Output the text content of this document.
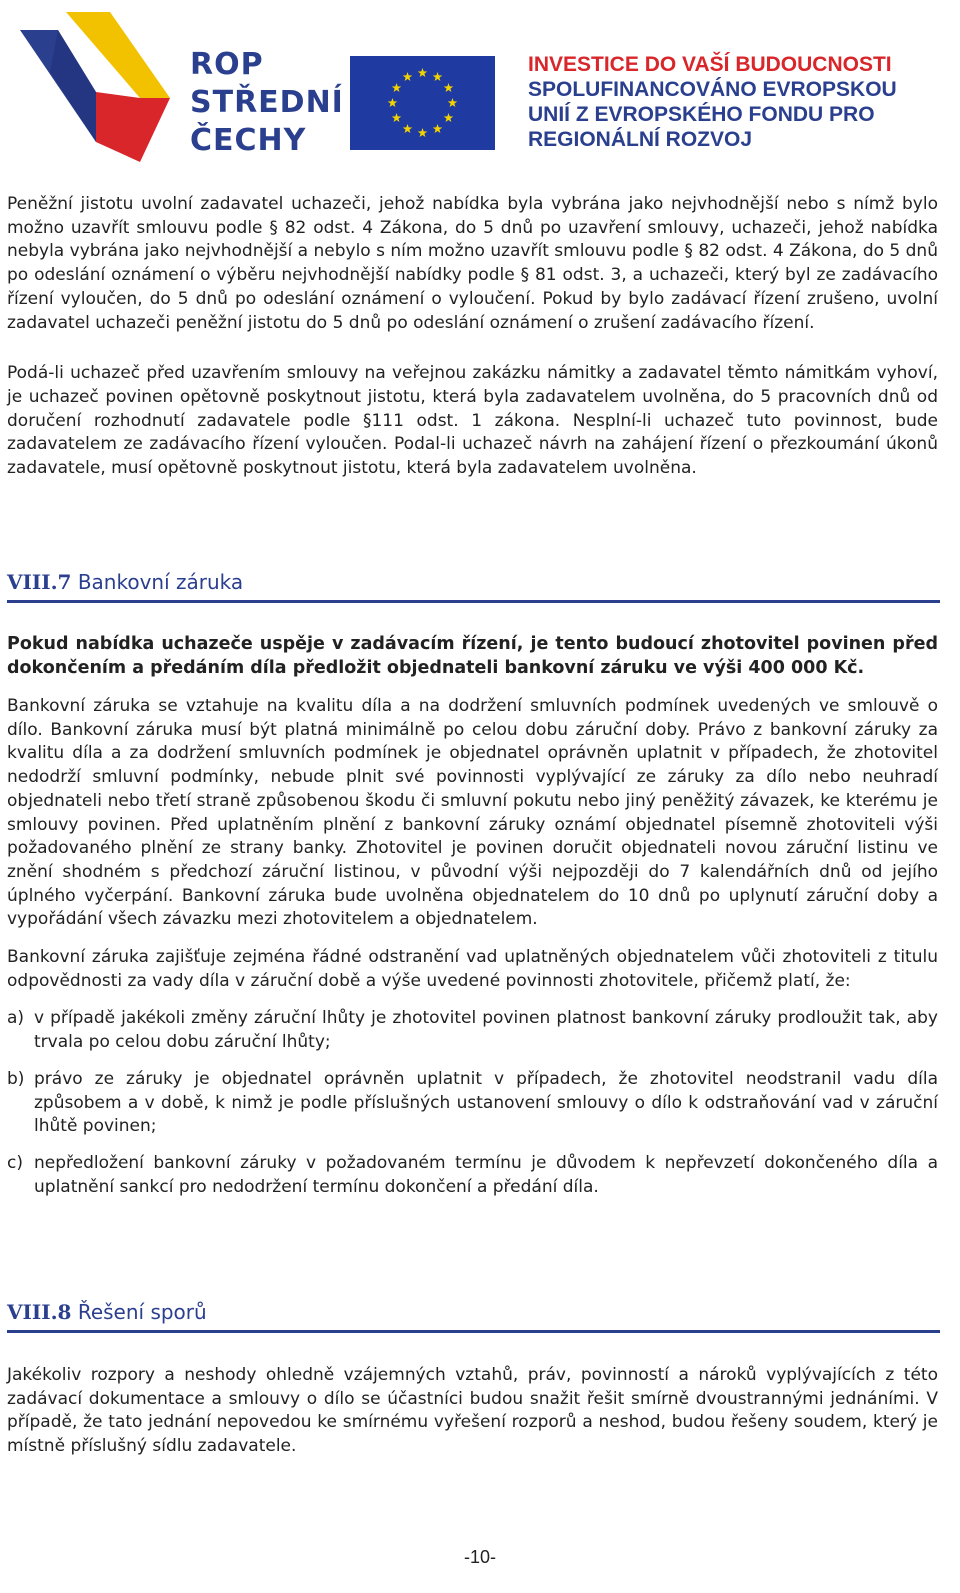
ROP
STŘEDNÍ
ČECHY
INVESTICE DO VAŠÍ BUDOUCNOSTI
SPOLUFINANCOVÁNO EVROPSKOU
UNIÍ Z EVROPSKÉHO FONDU PRO
REGIONÁLNÍ ROZVOJ

Peněžní jistotu uvolní zadavatel uchazeči, jehož nabídka byla vybrána jako nejvhodnější nebo s nímž bylo možno uzavřít smlouvu podle § 82 odst. 4 Zákona, do 5 dnů po uzavření smlouvy, uchazeči, jehož nabídka nebyla vybrána jako nejvhodnější a nebylo s ním možno uzavřít smlouvu podle § 82 odst. 4 Zákona, do 5 dnů po odeslání oznámení o výběru nejvhodnější nabídky podle § 81 odst. 3, a uchazeči, který byl ze zadávacího řízení vyloučen, do 5 dnů po odeslání oznámení o vyloučení. Pokud by bylo zadávací řízení zrušeno, uvolní zadavatel uchazeči peněžní jistotu do 5 dnů po odeslání oznámení o zrušení zadávacího řízení.

Podá-li uchazeč před uzavřením smlouvy na veřejnou zakázku námitky a zadavatel těmto námitkám vyhoví, je uchazeč povinen opětovně poskytnout jistotu, která byla zadavatelem uvolněna, do 5 pracovních dnů od doručení rozhodnutí zadavatele podle §111 odst. 1 zákona. Nesplní-li uchazeč tuto povinnost, bude zadavatelem ze zadávacího řízení vyloučen. Podal-li uchazeč návrh na zahájení řízení o přezkoumání úkonů zadavatele, musí opětovně poskytnout jistotu, která byla zadavatelem uvolněna.

VIII.7 Bankovní záruka

Pokud nabídka uchazeče uspěje v zadávacím řízení, je tento budoucí zhotovitel povinen před dokončením a předáním díla předložit objednateli bankovní záruku ve výši 400 000 Kč.

Bankovní záruka se vztahuje na kvalitu díla a na dodržení smluvních podmínek uvedených ve smlouvě o dílo. Bankovní záruka musí být platná minimálně po celou dobu záruční doby. Právo z bankovní záruky za kvalitu díla a za dodržení smluvních podmínek je objednatel oprávněn uplatnit v případech, že zhotovitel nedodrží smluvní podmínky, nebude plnit své povinnosti vyplývající ze záruky za dílo nebo neuhradí objednateli nebo třetí straně způsobenou škodu či smluvní pokutu nebo jiný peněžitý závazek, ke kterému je smlouvy povinen. Před uplatněním plnění z bankovní záruky oznámí objednatel písemně zhotoviteli výši požadovaného plnění ze strany banky. Zhotovitel je povinen doručit objednateli novou záruční listinu ve znění shodném s předchozí záruční listinou, v původní výši nejpozději do 7 kalendářních dnů od jejího úplného vyčerpání. Bankovní záruka bude uvolněna objednatelem do 10 dnů po uplynutí záruční doby a vypořádání všech závazku mezi zhotovitelem a objednatelem.

Bankovní záruka zajišťuje zejména řádné odstranění vad uplatněných objednatelem vůči zhotoviteli z titulu odpovědnosti za vady díla v záruční době a výše uvedené povinnosti zhotovitele, přičemž platí, že:

a) v případě jakékoli změny záruční lhůty je zhotovitel povinen platnost bankovní záruky prodloužit tak, aby trvala po celou dobu záruční lhůty;
b) právo ze záruky je objednatel oprávněn uplatnit v případech, že zhotovitel neodstranil vadu díla způsobem a v době, k nimž je podle příslušných ustanovení smlouvy o dílo k odstraňování vad v záruční lhůtě povinen;
c) nepředložení bankovní záruky v požadovaném termínu je důvodem k nepřevzetí dokončeného díla a uplatnění sankcí pro nedodržení termínu dokončení a předání díla.
VIII.8 Řešení sporů

Jakékoliv rozpory a neshody ohledně vzájemných vztahů, práv, povinností a nároků vyplývajících z této zadávací dokumentace a smlouvy o dílo se účastníci budou snažit řešit smírně dvoustrannými jednáními. V případě, že tato jednání nepovedou ke smírnému vyřešení rozporů a neshod, budou řešeny soudem, který je místně příslušný sídlu zadavatele.

-10-
